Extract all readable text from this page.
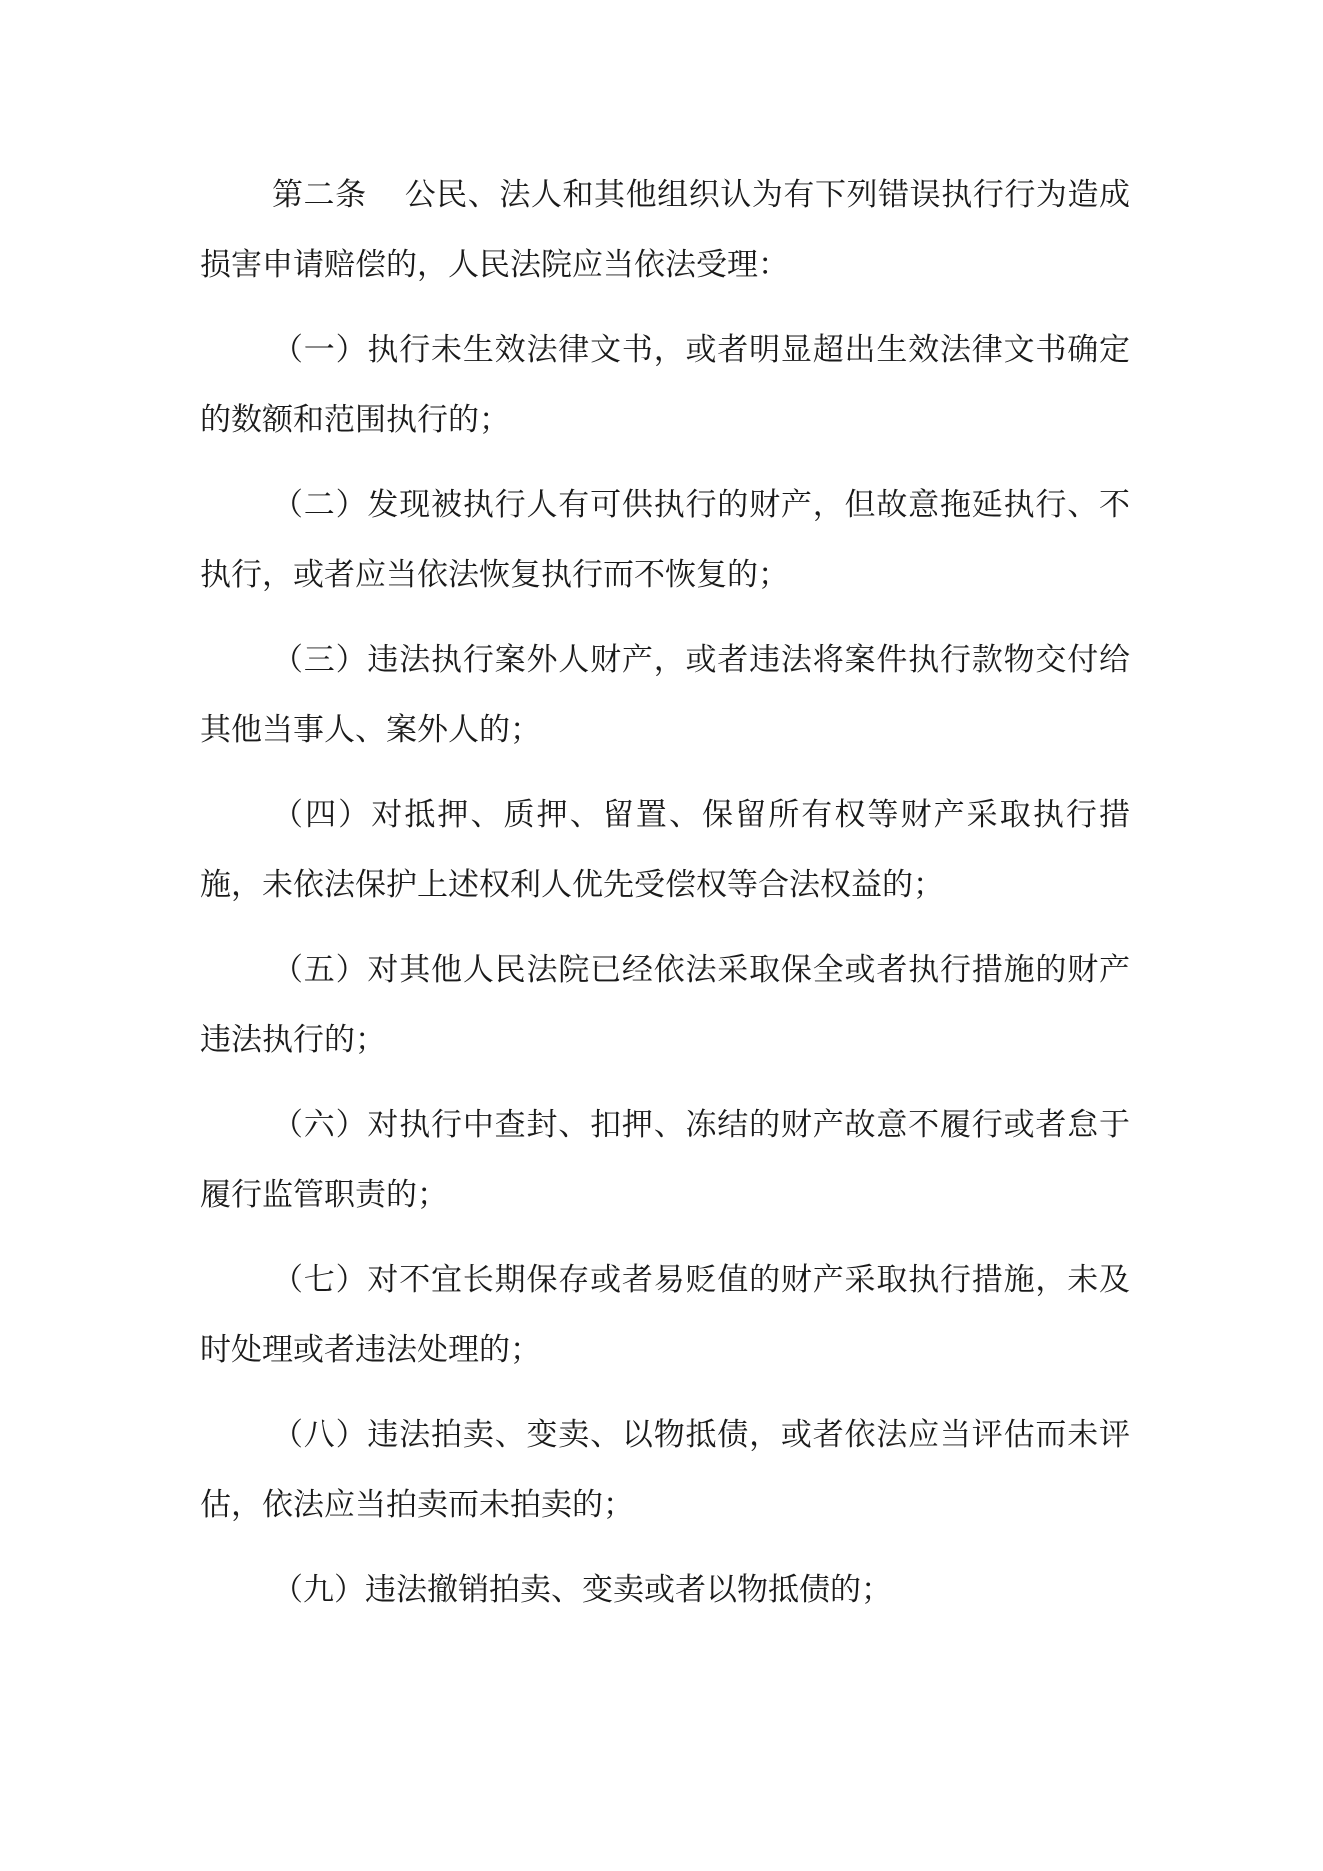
第二条 公民、法人和其他组织认为有下列错误执行行为造成损害申请赔偿的，人民法院应当依法受理：

（一）执行未生效法律文书，或者明显超出生效法律文书确定的数额和范围执行的；

（二）发现被执行人有可供执行的财产，但故意拖延执行、不执行，或者应当依法恢复执行而不恢复的；

（三）违法执行案外人财产，或者违法将案件执行款物交付给其他当事人、案外人的；

（四）对抵押、质押、留置、保留所有权等财产采取执行措施，未依法保护上述权利人优先受偿权等合法权益的；

（五）对其他人民法院已经依法采取保全或者执行措施的财产违法执行的；

（六）对执行中查封、扣押、冻结的财产故意不履行或者怠于履行监管职责的；

（七）对不宜长期保存或者易贬值的财产采取执行措施，未及时处理或者违法处理的；

（八）违法拍卖、变卖、以物抵债，或者依法应当评估而未评估，依法应当拍卖而未拍卖的；

（九）违法撤销拍卖、变卖或者以物抵债的；
